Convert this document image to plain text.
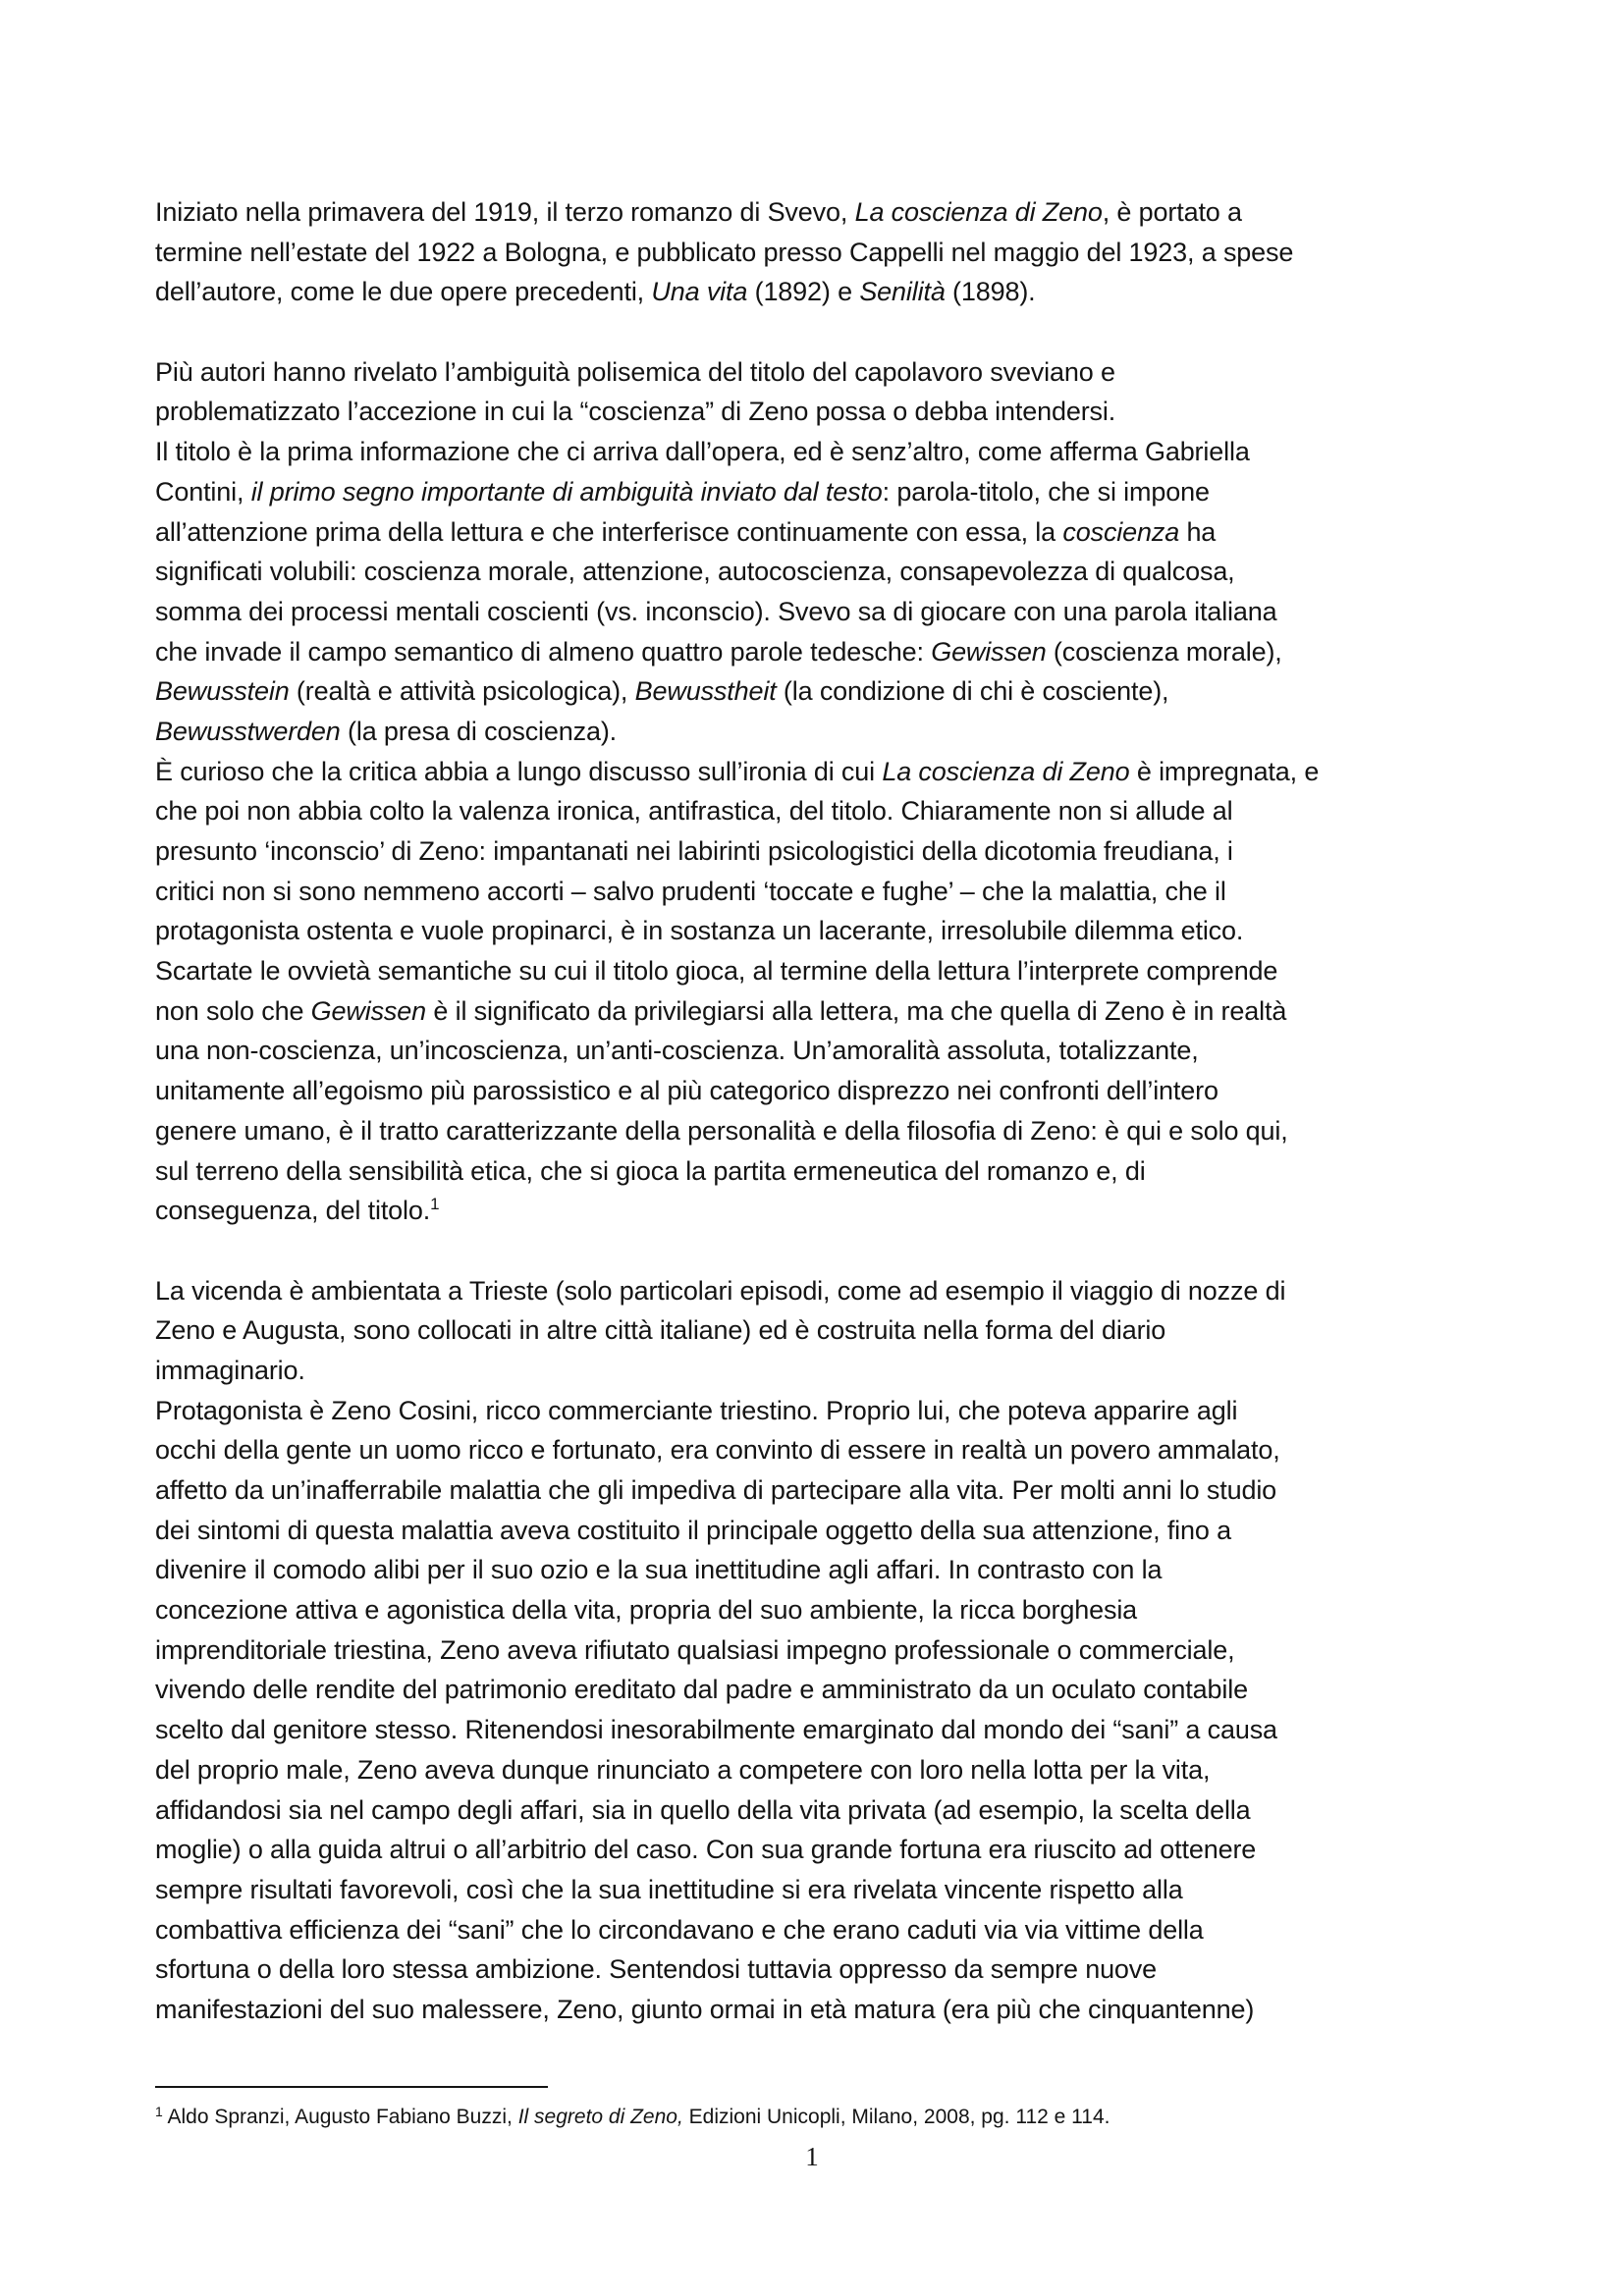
Iniziato nella primavera del 1919, il terzo romanzo di Svevo, La coscienza di Zeno, è portato a
termine nell’estate del 1922 a Bologna, e pubblicato presso Cappelli nel maggio del 1923, a spese
dell’autore, come le due opere precedenti, Una vita (1892) e Senilità (1898).
Più autori hanno rivelato l’ambiguità polisemica del titolo del capolavoro sveviano e
problematizzato l’accezione in cui la “coscienza” di Zeno possa o debba intendersi.
Il titolo è la prima informazione che ci arriva dall’opera, ed è senz’altro, come afferma Gabriella
Contini, il primo segno importante di ambiguità inviato dal testo: parola-titolo, che si impone
all’attenzione prima della lettura e che interferisce continuamente con essa, la coscienza ha
significati volubili: coscienza morale, attenzione, autocoscienza, consapevolezza di qualcosa,
somma dei processi mentali coscienti (vs. inconscio). Svevo sa di giocare con una parola italiana
che invade il campo semantico di almeno quattro parole tedesche: Gewissen (coscienza morale),
Bewusstein (realtà e attività psicologica), Bewusstheit (la condizione di chi è cosciente),
Bewusstwerden (la presa di coscienza).
È curioso che la critica abbia a lungo discusso sull’ironia di cui La coscienza di Zeno è impregnata, e
che poi non abbia colto la valenza ironica, antifrastica, del titolo. Chiaramente non si allude al
presunto ‘inconscio’ di Zeno: impantanati nei labirinti psicologistici della dicotomia freudiana, i
critici non si sono nemmeno accorti – salvo prudenti ‘toccate e fughe’ – che la malattia, che il
protagonista ostenta e vuole propinarci, è in sostanza un lacerante, irresolubile dilemma etico.
Scartate le ovvietà semantiche su cui il titolo gioca, al termine della lettura l’interprete comprende
non solo che Gewissen è il significato da privilegiarsi alla lettera, ma che quella di Zeno è in realtà
una non-coscienza, un’incoscienza, un’anti-coscienza. Un’amoralità assoluta, totalizzante,
unitamente all’egoismo più parossistico e al più categorico disprezzo nei confronti dell’intero
genere umano, è il tratto caratterizzante della personalità e della filosofia di Zeno: è qui e solo qui,
sul terreno della sensibilità etica, che si gioca la partita ermeneutica del romanzo e, di
conseguenza, del titolo.$^1$
La vicenda è ambientata a Trieste (solo particolari episodi, come ad esempio il viaggio di nozze di
Zeno e Augusta, sono collocati in altre città italiane) ed è costruita nella forma del diario
immaginario.
Protagonista è Zeno Cosini, ricco commerciante triestino. Proprio lui, che poteva apparire agli
occhi della gente un uomo ricco e fortunato, era convinto di essere in realtà un povero ammalato,
affetto da un’inafferrabile malattia che gli impediva di partecipare alla vita. Per molti anni lo studio
dei sintomi di questa malattia aveva costituito il principale oggetto della sua attenzione, fino a
divenire il comodo alibi per il suo ozio e la sua inettitudine agli affari. In contrasto con la
concezione attiva e agonistica della vita, propria del suo ambiente, la ricca borghesia
imprenditoriale triestina, Zeno aveva rifiutato qualsiasi impegno professionale o commerciale,
vivendo delle rendite del patrimonio ereditato dal padre e amministrato da un oculato contabile
scelto dal genitore stesso. Ritenendosi inesorabilmente emarginato dal mondo dei “sani” a causa
del proprio male, Zeno aveva dunque rinunciato a competere con loro nella lotta per la vita,
affidandosi sia nel campo degli affari, sia in quello della vita privata (ad esempio, la scelta della
moglie) o alla guida altrui o all’arbitrio del caso. Con sua grande fortuna era riuscito ad ottenere
sempre risultati favorevoli, così che la sua inettitudine si era rivelata vincente rispetto alla
combattiva efficienza dei “sani” che lo circondavano e che erano caduti via via vittime della
sfortuna o della loro stessa ambizione. Sentendosi tuttavia oppresso da sempre nuove
manifestazioni del suo malessere, Zeno, giunto ormai in età matura (era più che cinquantenne)
$^1$ Aldo Spranzi, Augusto Fabiano Buzzi, Il segreto di Zeno, Edizioni Unicopli, Milano, 2008, pg. 112 e 114.
1
